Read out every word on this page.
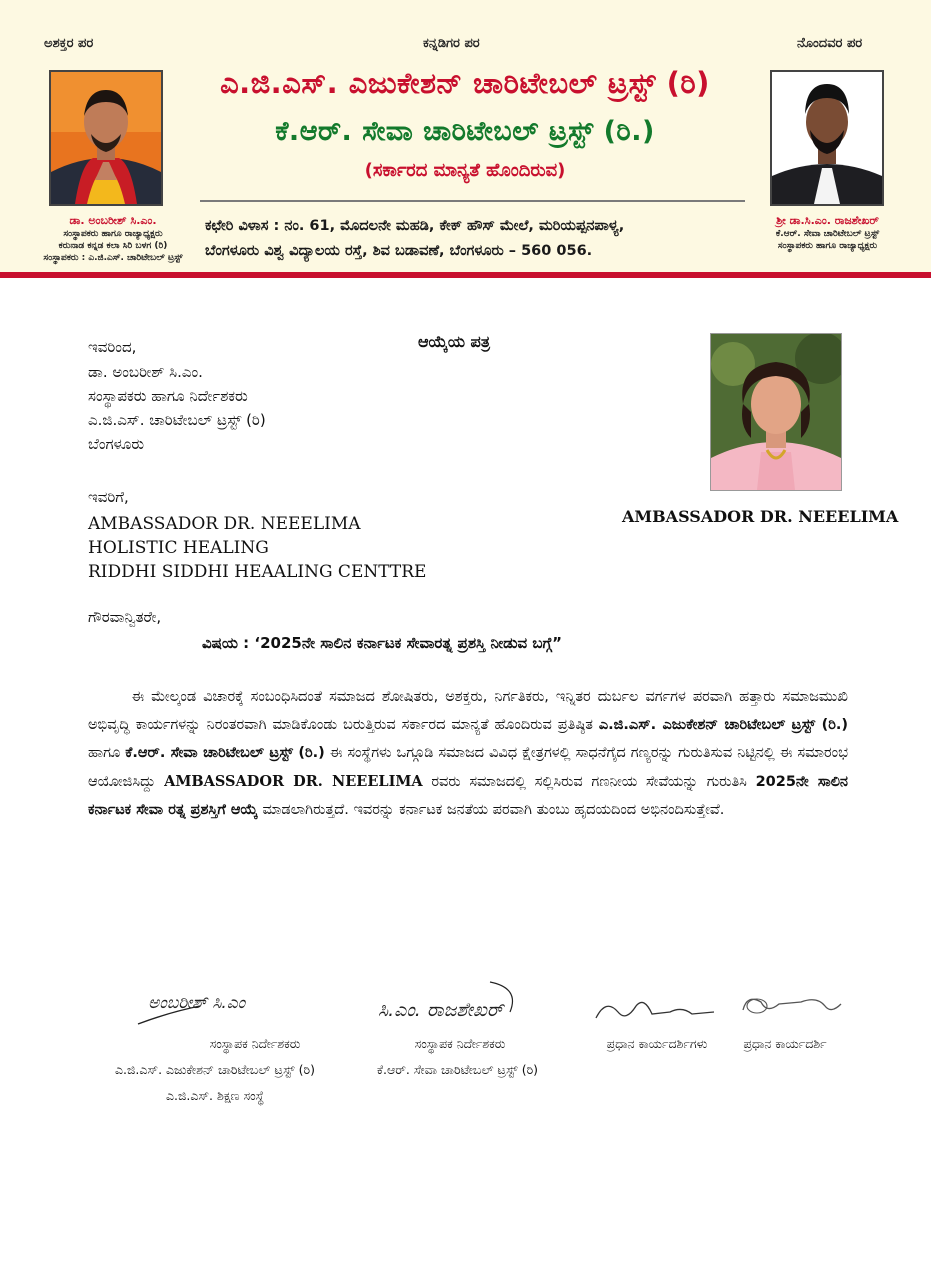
ಅಶಕ್ತರ ಪರ	ಕನ್ನಡಿಗರ ಪರ	ನೊಂದವರ ಪರ
ಎ.ಜಿ.ಎಸ್. ಎಜುಕೇಶನ್ ಚಾರಿಟೇಬಲ್ ಟ್ರಸ್ಟ್ (ರಿ)
ಕೆ.ಆರ್. ಸೇವಾ ಚಾರಿಟೇಬಲ್ ಟ್ರಸ್ಟ್ (ರಿ.)
(ಸರ್ಕಾರದ ಮಾನ್ಯತೆ ಹೊಂದಿರುವ)
ಕಛೇರಿ ವಿಳಾಸ : ನಂ. 61, ಮೊದಲನೇ ಮಹಡಿ, ಕೇಕ್ ಹೌಸ್ ಮೇಲೆ, ಮರಿಯಪ್ಪನಪಾಳ್ಯ,
ಬೆಂಗಳೂರು ವಿಶ್ವ ವಿದ್ಯಾಲಯ ರಸ್ತೆ, ಶಿವ ಬಡಾವಣೆ, ಬೆಂಗಳೂರು – 560 056.
ಡಾ. ಅಂಬರೀಶ್ ಸಿ.ಎಂ.
ಸಂಸ್ಥಾಪಕರು ಹಾಗೂ ರಾಜ್ಯಾಧ್ಯಕ್ಷರು
ಕರುನಾಡ ಕನ್ನಡ ಕಲಾ ಸಿರಿ ಬಳಗ (ರಿ)
ಸಂಸ್ಥಾಪಕರು : ಎ.ಜಿ.ಎಸ್. ಚಾರಿಟೇಬಲ್ ಟ್ರಸ್ಟ್
ಶ್ರೀ ಡಾ.ಸಿ.ಎಂ. ರಾಜಶೇಖರ್
ಕೆ.ಆರ್. ಸೇವಾ ಚಾರಿಟೇಬಲ್ ಟ್ರಸ್ಟ್
ಸಂಸ್ಥಾಪಕರು ಹಾಗೂ ರಾಜ್ಯಾಧ್ಯಕ್ಷರು
ಆಯ್ಕೆಯ ಪತ್ರ
ಇವರಿಂದ,
ಡಾ. ಅಂಬರೀಶ್ ಸಿ.ಎಂ.
ಸಂಸ್ಥಾಪಕರು ಹಾಗೂ ನಿರ್ದೇಶಕರು
ಎ.ಜಿ.ಎಸ್. ಚಾರಿಟೇಬಲ್ ಟ್ರಸ್ಟ್ (ರಿ)
ಬೆಂಗಳೂರು
ಇವರಿಗೆ,
AMBASSADOR DR. NEEELIMA
HOLISTIC HEALING
RIDDHI SIDDHI HEAALING CENTTRE
AMBASSADOR DR. NEEELIMA
ಗೌರವಾನ್ವಿತರೇ,
ವಿಷಯ : ‘2025ನೇ ಸಾಲಿನ ಕರ್ನಾಟಕ ಸೇವಾರತ್ನ ಪ್ರಶಸ್ತಿ ನೀಡುವ ಬಗ್ಗೆ”
   ಈ ಮೇಲ್ಕಂಡ ವಿಚಾರಕ್ಕೆ ಸಂಬಂಧಿಸಿದಂತೆ ಸಮಾಜದ ಶೋಷಿತರು, ಅಶಕ್ತರು, ನಿರ್ಗತಿಕರು, ಇನ್ನಿತರ ದುರ್ಬಲ ವರ್ಗಗಳ ಪರವಾಗಿ ಹತ್ತಾರು ಸಮಾಜಮುಖಿ ಅಭಿವೃದ್ಧಿ ಕಾರ್ಯಗಳನ್ನು ನಿರಂತರವಾಗಿ ಮಾಡಿಕೊಂಡು ಬರುತ್ತಿರುವ ಸರ್ಕಾರದ ಮಾನ್ಯತೆ ಹೊಂದಿರುವ ಪ್ರತಿಷ್ಠಿತ ಎ.ಜಿ.ಎಸ್. ಎಜುಕೇಶನ್ ಚಾರಿಟೇಬಲ್ ಟ್ರಸ್ಟ್ (ರಿ.) ಹಾಗೂ ಕೆ.ಆರ್. ಸೇವಾ ಚಾರಿಟೇಬಲ್ ಟ್ರಸ್ಟ್ (ರಿ.) ಈ ಸಂಸ್ಥೆಗಳು ಒಗ್ಗೂಡಿ ಸಮಾಜದ ವಿವಿಧ ಕ್ಷೇತ್ರಗಳಲ್ಲಿ ಸಾಧನೆಗೈದ ಗಣ್ಯರನ್ನು ಗುರುತಿಸುವ ನಿಟ್ಟಿನಲ್ಲಿ ಈ ಸಮಾರಂಭ ಆಯೋಜಿಸಿದ್ದು AMBASSADOR DR. NEEELIMA ರವರು ಸಮಾಜದಲ್ಲಿ ಸಲ್ಲಿಸಿರುವ ಗಣನೀಯ ಸೇವೆಯನ್ನು ಗುರುತಿಸಿ 2025ನೇ ಸಾಲಿನ ಕರ್ನಾಟಕ ಸೇವಾ ರತ್ನ ಪ್ರಶಸ್ತಿಗೆ ಆಯ್ಕೆ ಮಾಡಲಾಗಿರುತ್ತದೆ. ಇವರನ್ನು ಕರ್ನಾಟಕ ಜನತೆಯ ಪರವಾಗಿ ತುಂಬು ಹೃದಯದಿಂದ ಅಭಿನಂದಿಸುತ್ತೇವೆ.
ಅಂಬರೀಶ್ ಸಿ.ಎಂ
ಸಂಸ್ಥಾಪಕ ನಿರ್ದೇಶಕರು
ಎ.ಜಿ.ಎಸ್. ಎಜುಕೇಶನ್ ಚಾರಿಟೇಬಲ್ ಟ್ರಸ್ಟ್ (ರಿ)
ಎ.ಜಿ.ಎಸ್. ಶಿಕ್ಷಣ ಸಂಸ್ಥೆ
ಸಿ.ಎಂ. ರಾಜಶೇಖರ್
ಸಂಸ್ಥಾಪಕ ನಿರ್ದೇಶಕರು
ಕೆ.ಆರ್. ಸೇವಾ ಚಾರಿಟೇಬಲ್ ಟ್ರಸ್ಟ್ (ರಿ)
ಪ್ರಧಾನ ಕಾರ್ಯದರ್ಶಿಗಳು	ಪ್ರಧಾನ ಕಾರ್ಯದರ್ಶಿ
